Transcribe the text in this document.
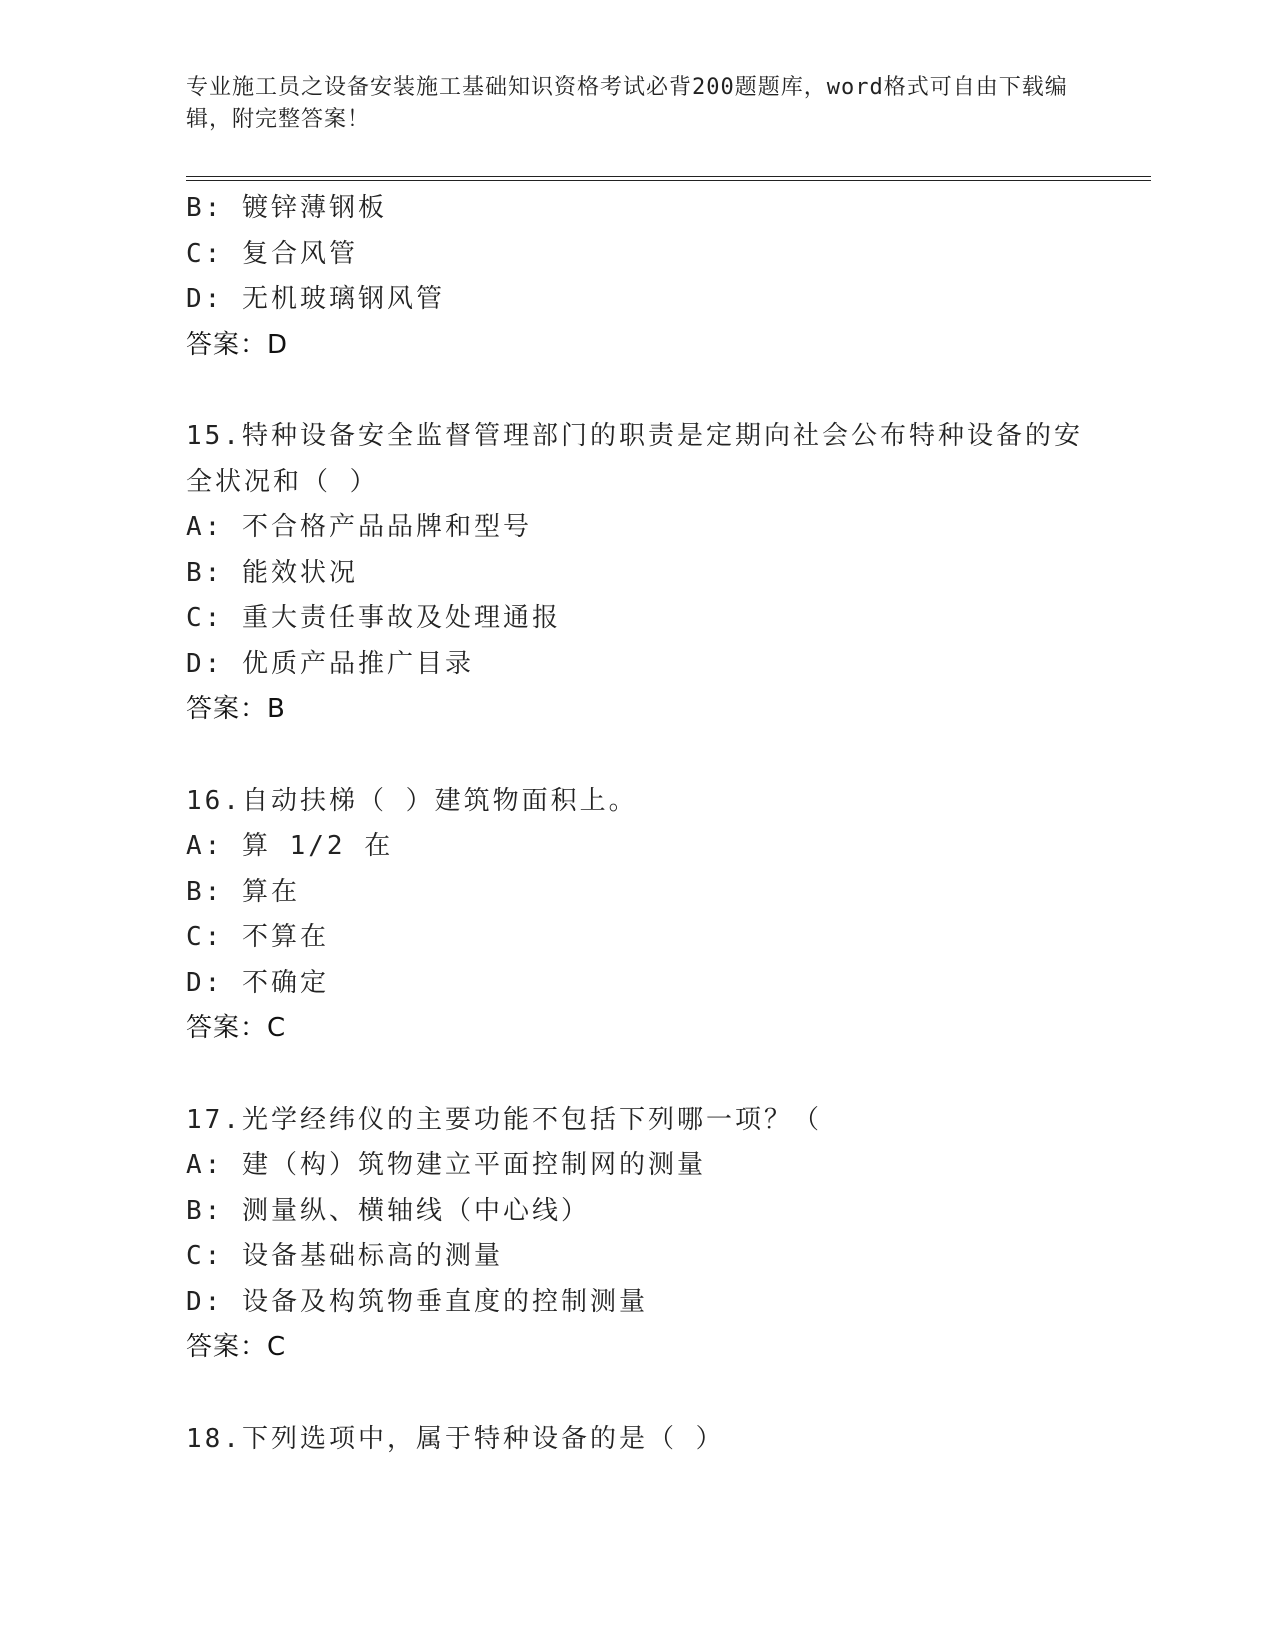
专业施工员之设备安装施工基础知识资格考试必背200题题库，word格式可自由下载编辑，附完整答案！
B: 镀锌薄钢板
C: 复合风管
D: 无机玻璃钢风管
答案：D
15.特种设备安全监督管理部门的职责是定期向社会公布特种设备的安
全状况和（ ）
A: 不合格产品品牌和型号
B: 能效状况
C: 重大责任事故及处理通报
D: 优质产品推广目录
答案：B
16.自动扶梯（ ）建筑物面积上。
A: 算 1/2 在
B: 算在
C: 不算在
D: 不确定
答案：C
17.光学经纬仪的主要功能不包括下列哪一项？（
A: 建（构）筑物建立平面控制网的测量
B: 测量纵、横轴线（中心线）
C: 设备基础标高的测量
D: 设备及构筑物垂直度的控制测量
答案：C
18.下列选项中，属于特种设备的是（ ）
